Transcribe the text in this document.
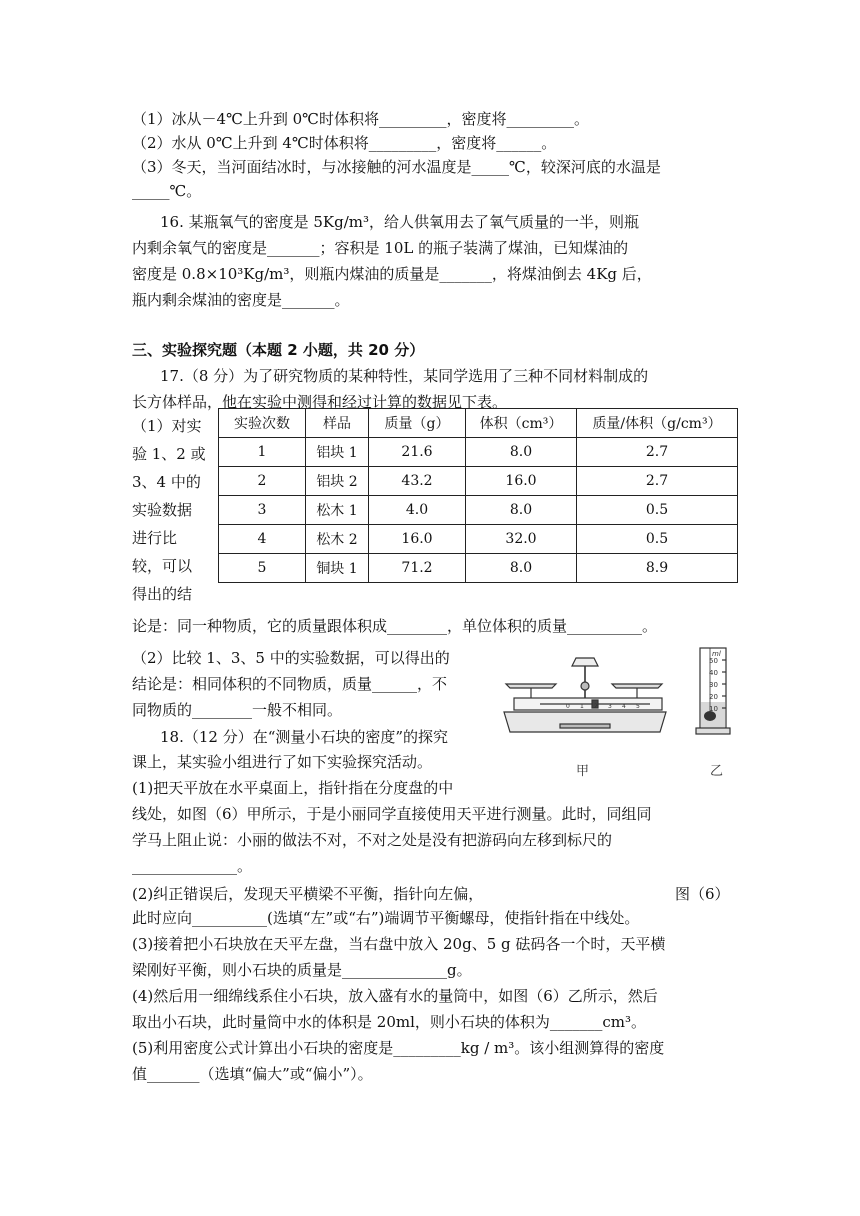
（1）冰从－4℃上升到 0℃时体积将_________，密度将_________。
（2）水从 0℃上升到 4℃时体积将_________，密度将______。
（3）冬天，当河面结冰时，与冰接触的河水温度是_____℃，较深河底的水温是
_____℃。
16. 某瓶氧气的密度是 5Kg/m³，给人供氧用去了氧气质量的一半，则瓶
内剩余氧气的密度是_______；容积是 10L 的瓶子装满了煤油，已知煤油的
密度是 0.8×10³Kg/m³，则瓶内煤油的质量是_______，将煤油倒去 4Kg 后，
瓶内剩余煤油的密度是_______。
三、实验探究题（本题 2 小题，共 20 分）
17.（8 分）为了研究物质的某种特性，某同学选用了三种不同材料制成的
长方体样品，他在实验中测得和经过计算的数据见下表。
（1）对实
验 1、2 或
3、4 中的
实验数据
进行比
较，可以
得出的结
论是：同一种物质，它的质量跟体积成________，单位体积的质量__________。
（2）比较 1、3、5 中的实验数据，可以得出的
结论是：相同体积的不同物质，质量______，不
同物质的________一般不相同。
18.（12 分）在“测量小石块的密度”的探究
课上，某实验小组进行了如下实验探究活动。
(1)把天平放在水平桌面上，指针指在分度盘的中
线处，如图（6）甲所示，于是小丽同学直接使用天平进行测量。此时，同组同
学马上阻止说：小丽的做法不对，不对之处是没有把游码向左移到标尺的
______________。
(2)纠正错误后，发现天平横梁不平衡，指针向左偏，	图（6）
此时应向__________(选填“左”或“右”)端调节平衡螺母，使指针指在中线处。
(3)接着把小石块放在天平左盘，当右盘中放入 20g、5 g 砝码各一个时，天平横
梁刚好平衡，则小石块的质量是______________g。
(4)然后用一细绵线系住小石块，放入盛有水的量筒中，如图（6）乙所示，然后
取出小石块，此时量筒中水的体积是 20ml，则小石块的体积为_______cm³。
(5)利用密度公式计算出小石块的密度是_________kg / m³。该小组测算得的密度
值_______（选填“偏大”或“偏小”）。
实验次数	样品	质量（g）	体积（cm³）	质量/体积（g/cm³）
1	铝块 1	21.6	8.0	2.7
2	铝块 2	43.2	16.0	2.7
3	松木 1	4.0	8.0	0.5
4	松木 2	16.0	32.0	0.5
5	铜块 1	71.2	8.0	8.9
0 1 2 3 4 5
ml
50
40
30
20
10
甲	乙
